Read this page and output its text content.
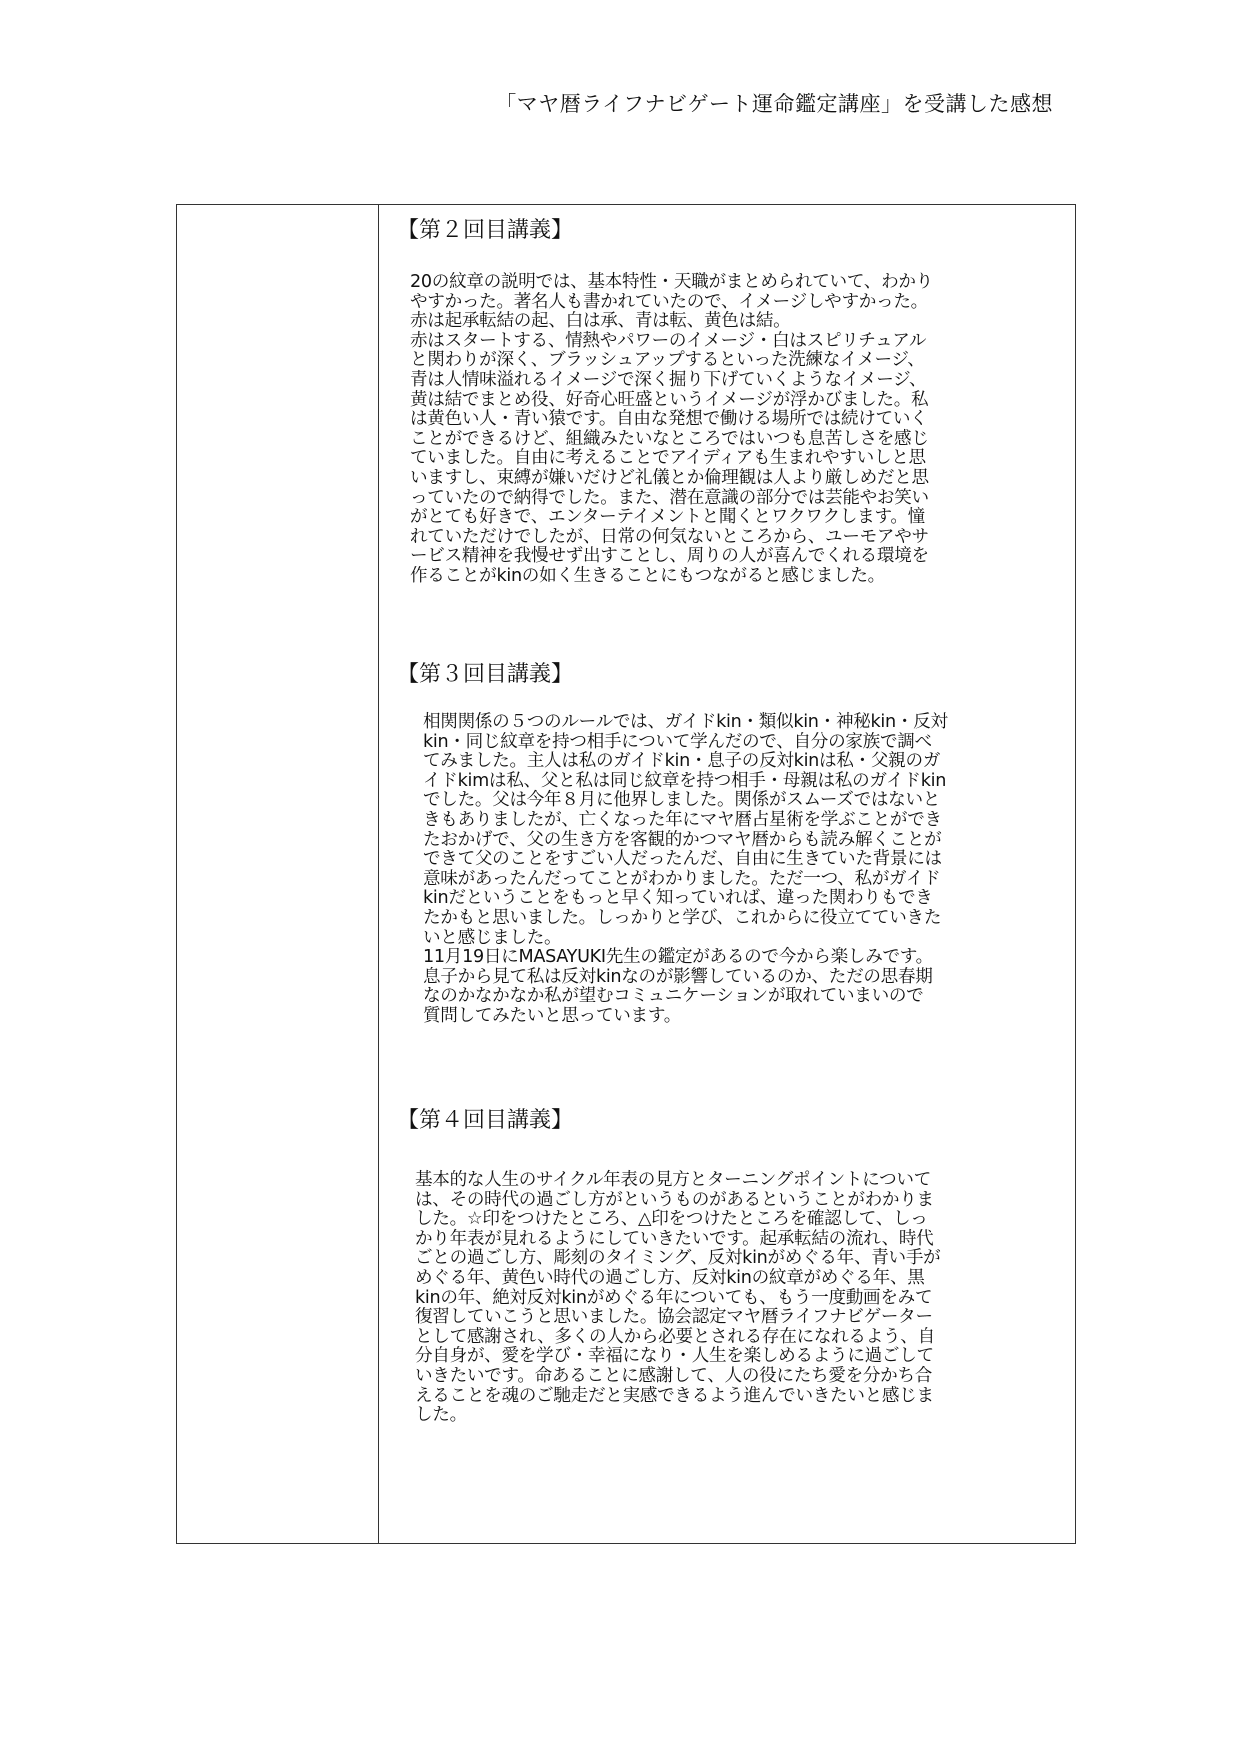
「マヤ暦ライフナビゲート運命鑑定講座」を受講した感想
【第２回目講義】
20の紋章の説明では、基本特性・天職がまとめられていて、わかり
やすかった。著名人も書かれていたので、イメージしやすかった。
赤は起承転結の起、白は承、青は転、黄色は結。
赤はスタートする、情熱やパワーのイメージ・白はスピリチュアル
と関わりが深く、ブラッシュアップするといった洗練なイメージ、
青は人情味溢れるイメージで深く掘り下げていくようなイメージ、
黄は結でまとめ役、好奇心旺盛というイメージが浮かびました。私
は黄色い人・青い猿です。自由な発想で働ける場所では続けていく
ことができるけど、組織みたいなところではいつも息苦しさを感じ
ていました。自由に考えることでアイディアも生まれやすいしと思
いますし、束縛が嫌いだけど礼儀とか倫理観は人より厳しめだと思
っていたので納得でした。また、潜在意識の部分では芸能やお笑い
がとても好きで、エンターテイメントと聞くとワクワクします。憧
れていただけでしたが、日常の何気ないところから、ユーモアやサ
ービス精神を我慢せず出すことし、周りの人が喜んでくれる環境を
作ることがkinの如く生きることにもつながると感じました。
【第３回目講義】
相関関係の５つのルールでは、ガイドkin・類似kin・神秘kin・反対
kin・同じ紋章を持つ相手について学んだので、自分の家族で調べ
てみました。主人は私のガイドkin・息子の反対kinは私・父親のガ
イドkimは私、父と私は同じ紋章を持つ相手・母親は私のガイドkin
でした。父は今年８月に他界しました。関係がスムーズではないと
きもありましたが、亡くなった年にマヤ暦占星術を学ぶことができ
たおかげで、父の生き方を客観的かつマヤ暦からも読み解くことが
できて父のことをすごい人だったんだ、自由に生きていた背景には
意味があったんだってことがわかりました。ただ一つ、私がガイド
kinだということをもっと早く知っていれば、違った関わりもでき
たかもと思いました。しっかりと学び、これからに役立てていきた
いと感じました。
11月19日にMASAYUKI先生の鑑定があるので今から楽しみです。
息子から見て私は反対kinなのが影響しているのか、ただの思春期
なのかなかなか私が望むコミュニケーションが取れていまいので
質問してみたいと思っています。
【第４回目講義】
基本的な人生のサイクル年表の見方とターニングポイントについて
は、その時代の過ごし方がというものがあるということがわかりま
した。☆印をつけたところ、△印をつけたところを確認して、しっ
かり年表が見れるようにしていきたいです。起承転結の流れ、時代
ごとの過ごし方、彫刻のタイミング、反対kinがめぐる年、青い手が
めぐる年、黄色い時代の過ごし方、反対kinの紋章がめぐる年、黒
kinの年、絶対反対kinがめぐる年についても、もう一度動画をみて
復習していこうと思いました。協会認定マヤ暦ライフナビゲーター
として感謝され、多くの人から必要とされる存在になれるよう、自
分自身が、愛を学び・幸福になり・人生を楽しめるように過ごして
いきたいです。命あることに感謝して、人の役にたち愛を分かち合
えることを魂のご馳走だと実感できるよう進んでいきたいと感じま
した。
